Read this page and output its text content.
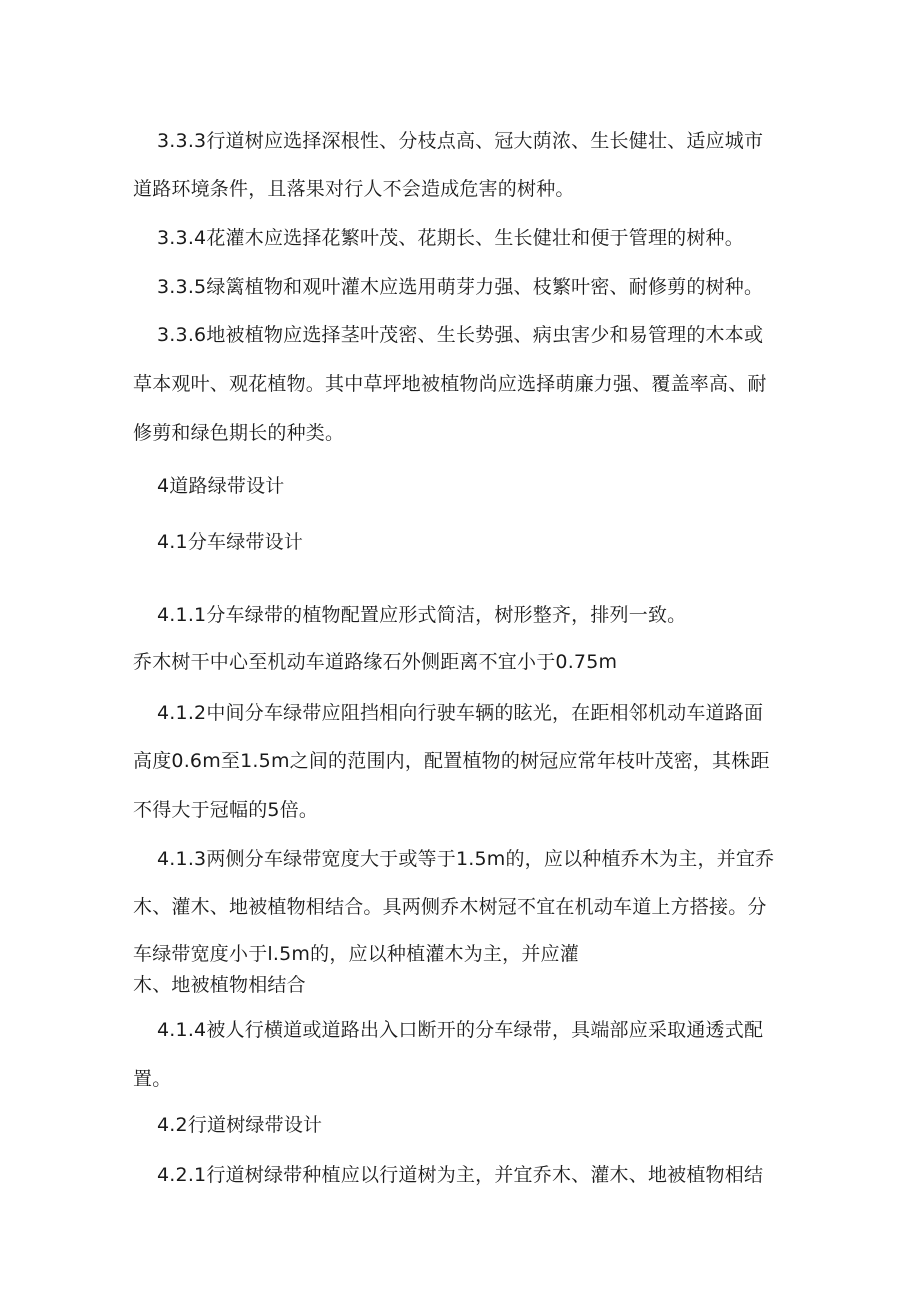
3.3.3行道树应选择深根性、分枝点高、冠大荫浓、生长健壮、适应城市
道路环境条件，且落果对行人不会造成危害的树种。
3.3.4花灌木应选择花繁叶茂、花期长、生长健壮和便于管理的树种。
3.3.5绿篱植物和观叶灌木应选用萌芽力强、枝繁叶密、耐修剪的树种。
3.3.6地被植物应选择茎叶茂密、生长势强、病虫害少和易管理的木本或
草本观叶、观花植物。其中草坪地被植物尚应选择萌廉力强、覆盖率高、耐
修剪和绿色期长的种类。
4道路绿带设计
4.1分车绿带设计
4.1.1分车绿带的植物配置应形式简洁，树形整齐，排列一致。
乔木树干中心至机动车道路缘石外侧距离不宜小于0.75m
4.1.2中间分车绿带应阻挡相向行驶车辆的眩光，在距相邻机动车道路面
高度0.6m至1.5m之间的范围内，配置植物的树冠应常年枝叶茂密，其株距
不得大于冠幅的5倍。
4.1.3两侧分车绿带宽度大于或等于1.5m的，应以种植乔木为主，并宜乔
木、灌木、地被植物相结合。具两侧乔木树冠不宜在机动车道上方搭接。分
车绿带宽度小于l.5m的，应以种植灌木为主，并应灌
木、地被植物相结合
4.1.4被人行横道或道路出入口断开的分车绿带，具端部应采取通透式配
置。
4.2行道树绿带设计
4.2.1行道树绿带种植应以行道树为主，并宜乔木、灌木、地被植物相结
